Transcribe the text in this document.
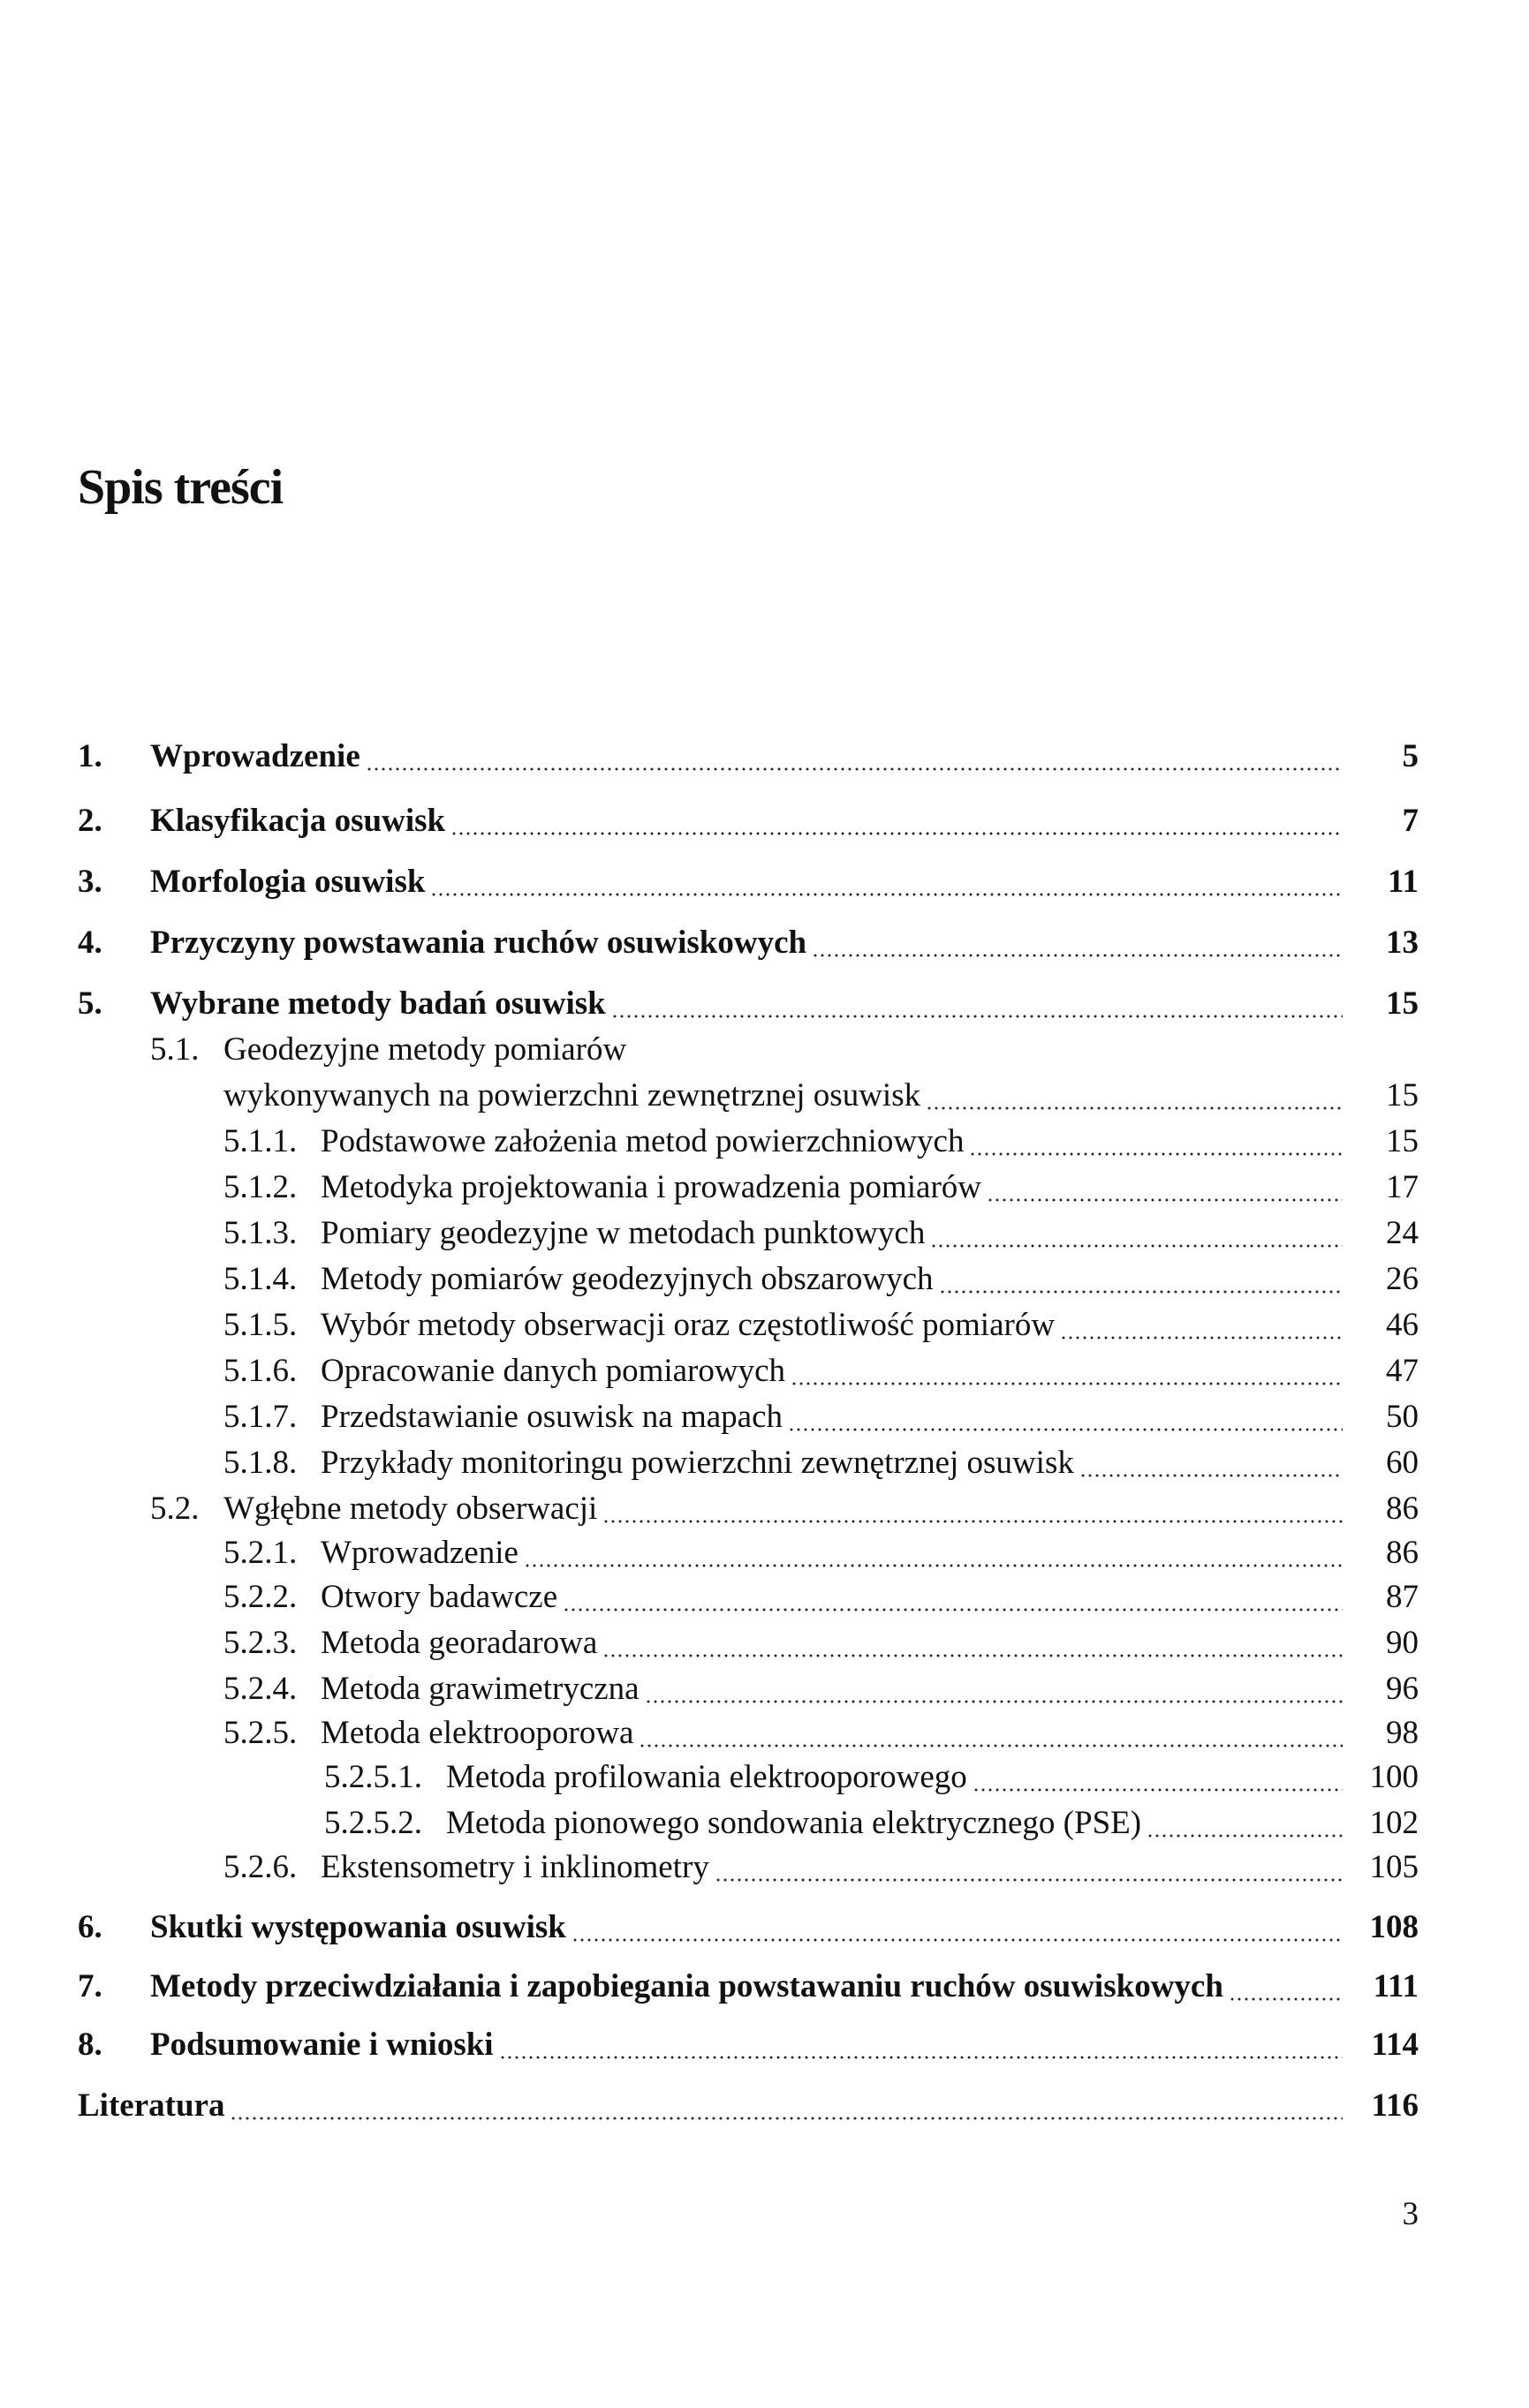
Spis treści
1. Wprowadzenie	5
2. Klasyfikacja osuwisk	7
3. Morfologia osuwisk	11
4. Przyczyny powstawania ruchów osuwiskowych	13
5. Wybrane metody badań osuwisk	15
5.1. Geodezyjne metody pomiarów
wykonywanych na powierzchni zewnętrznej osuwisk	15
5.1.1. Podstawowe założenia metod powierzchniowych	15
5.1.2. Metodyka projektowania i prowadzenia pomiarów	17
5.1.3. Pomiary geodezyjne w metodach punktowych	24
5.1.4. Metody pomiarów geodezyjnych obszarowych	26
5.1.5. Wybór metody obserwacji oraz częstotliwość pomiarów	46
5.1.6. Opracowanie danych pomiarowych	47
5.1.7. Przedstawianie osuwisk na mapach	50
5.1.8. Przykłady monitoringu powierzchni zewnętrznej osuwisk	60
5.2. Wgłębne metody obserwacji	86
5.2.1. Wprowadzenie	86
5.2.2. Otwory badawcze	87
5.2.3. Metoda georadarowa	90
5.2.4. Metoda grawimetryczna	96
5.2.5. Metoda elektrooporowa	98
5.2.5.1. Metoda profilowania elektrooporowego	100
5.2.5.2. Metoda pionowego sondowania elektrycznego (PSE)	102
5.2.6. Ekstensometry i inklinometry	105
6. Skutki występowania osuwisk	108
7. Metody przeciwdziałania i zapobiegania powstawaniu ruchów osuwiskowych	111
8. Podsumowanie i wnioski	114
Literatura	116
3
